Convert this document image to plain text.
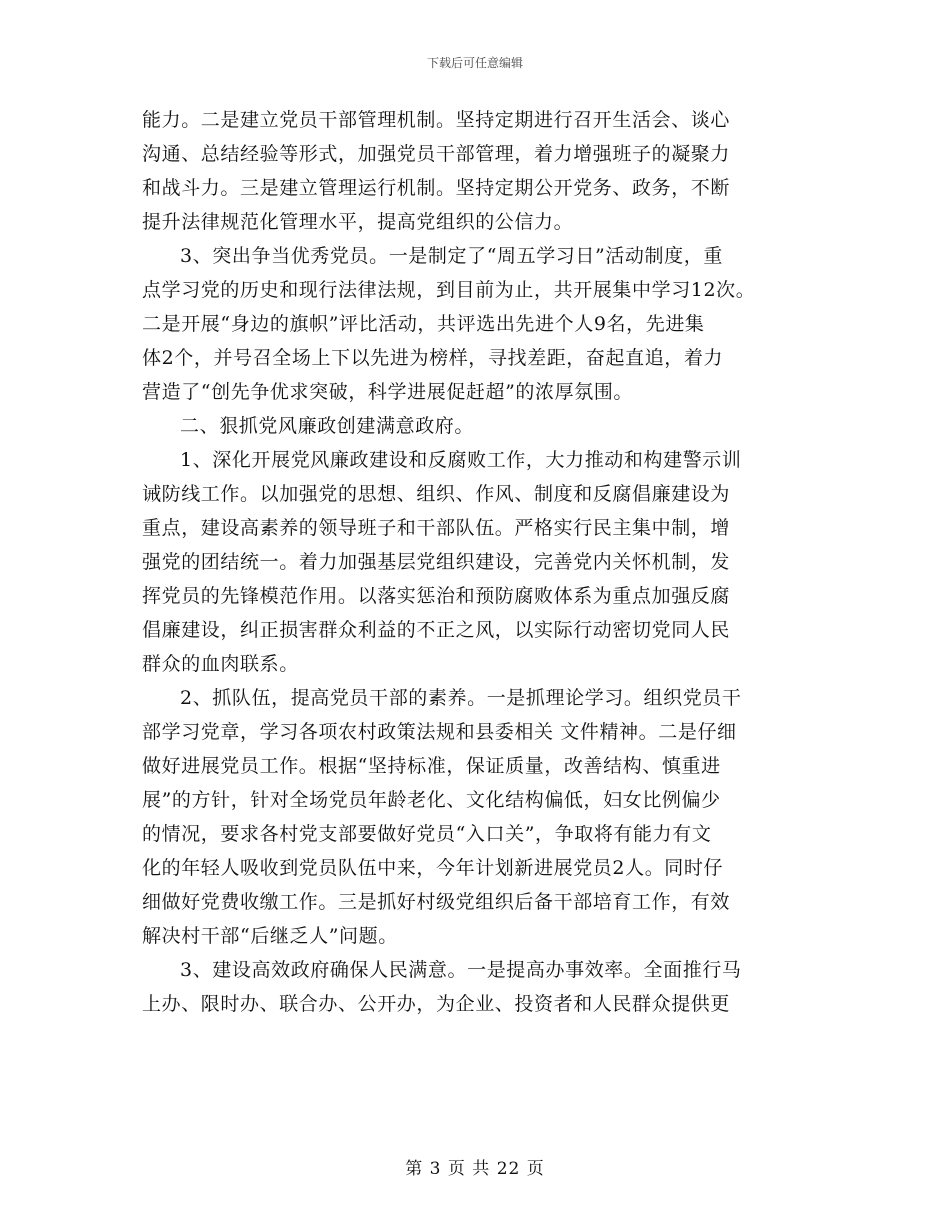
下载后可任意编辑
能力。二是建立党员干部管理机制。坚持定期进行召开生活会、谈心
沟通、总结经验等形式，加强党员干部管理，着力增强班子的凝聚力
和战斗力。三是建立管理运行机制。坚持定期公开党务、政务，不断
提升法律规范化管理水平，提高党组织的公信力。
3、突出争当优秀党员。一是制定了“周五学习日”活动制度，重
点学习党的历史和现行法律法规，到目前为止，共开展集中学习12次。
二是开展“身边的旗帜”评比活动，共评选出先进个人9名，先进集
体2个，并号召全场上下以先进为榜样，寻找差距，奋起直追，着力
营造了“创先争优求突破，科学进展促赶超”的浓厚氛围。
二、狠抓党风廉政创建满意政府。
1、深化开展党风廉政建设和反腐败工作，大力推动和构建警示训
诫防线工作。以加强党的思想、组织、作风、制度和反腐倡廉建设为
重点，建设高素养的领导班子和干部队伍。严格实行民主集中制，增
强党的团结统一。着力加强基层党组织建设，完善党内关怀机制，发
挥党员的先锋模范作用。以落实惩治和预防腐败体系为重点加强反腐
倡廉建设，纠正损害群众利益的不正之风，以实际行动密切党同人民
群众的血肉联系。
2、抓队伍，提高党员干部的素养。一是抓理论学习。组织党员干
部学习党章，学习各项农村政策法规和县委相关 文件精神。二是仔细
做好进展党员工作。根据“坚持标准，保证质量，改善结构、慎重进
展”的方针，针对全场党员年龄老化、文化结构偏低，妇女比例偏少
的情况，要求各村党支部要做好党员“入口关”，争取将有能力有文
化的年轻人吸收到党员队伍中来，今年计划新进展党员2人。同时仔
细做好党费收缴工作。三是抓好村级党组织后备干部培育工作，有效
解决村干部“后继乏人”问题。
3、建设高效政府确保人民满意。一是提高办事效率。全面推行马
上办、限时办、联合办、公开办，为企业、投资者和人民群众提供更
第 3 页 共 22 页
